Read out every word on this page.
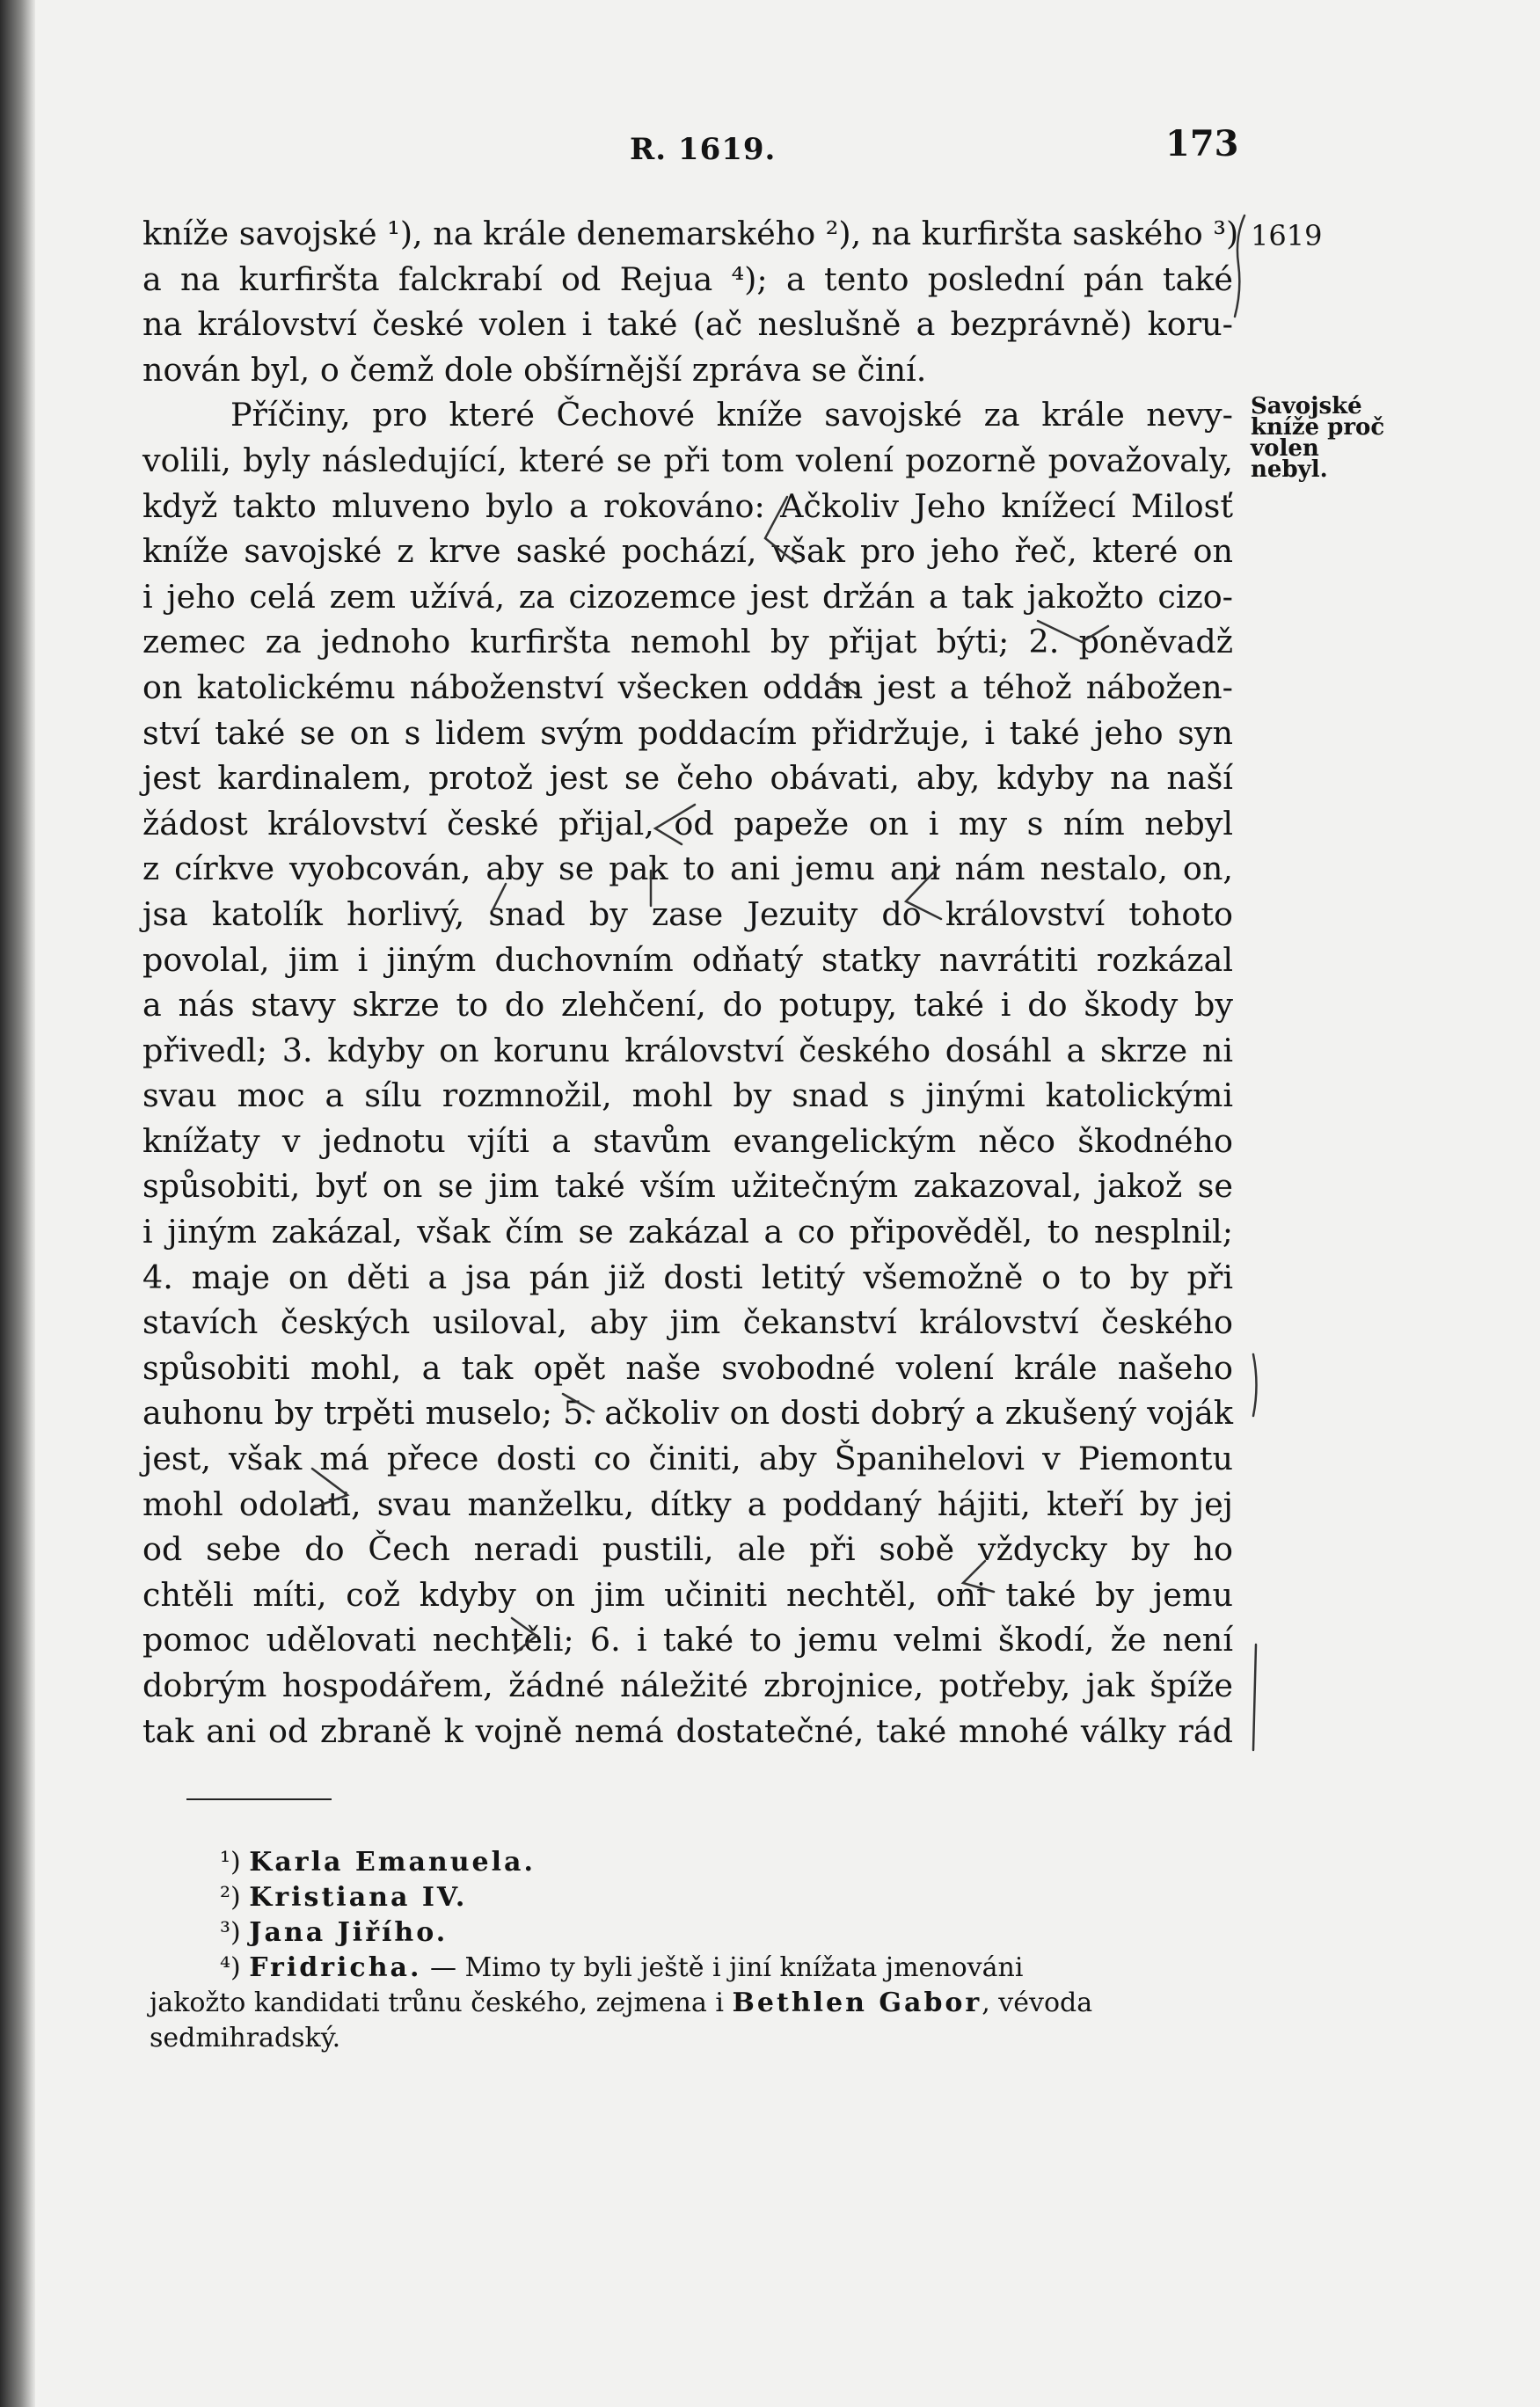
R. 1619.	173
1619
Savojské
kníže proč
volen nebyl.
kníže savojské ¹), na krále denemarského ²), na kurfiršta saského ³)
a na kurfiršta falckrabí od Rejua ⁴); a tento poslední pán také
na království české volen i také (ač neslušně a bezprávně) koru-
nován byl, o čemž dole obšírnější zpráva se činí.
Příčiny, pro které Čechové kníže savojské za krále nevy-
volili, byly následující, které se při tom volení pozorně považovaly,
když takto mluveno bylo a rokováno: Ačkoliv Jeho knížecí Milosť
kníže savojské z krve saské pochází, však pro jeho řeč, které on
i jeho celá zem užívá, za cizozemce jest držán a tak jakožto cizo-
zemec za jednoho kurfiršta nemohl by přijat býti; 2. poněvadž
on katolickému náboženství všecken oddán jest a téhož nábožen-
ství také se on s lidem svým poddacím přidržuje, i také jeho syn
jest kardinalem, protož jest se čeho obávati, aby, kdyby na naší
žádost království české přijal, od papeže on i my s ním nebyl
z církve vyobcován, aby se pak to ani jemu ani nám nestalo, on,
jsa katolík horlivý, snad by zase Jezuity do království tohoto
povolal, jim i jiným duchovním odňatý statky navrátiti rozkázal
a nás stavy skrze to do zlehčení, do potupy, také i do škody by
přivedl; 3. kdyby on korunu království českého dosáhl a skrze ni
svau moc a sílu rozmnožil, mohl by snad s jinými katolickými
knížaty v jednotu vjíti a stavům evangelickým něco škodného
spůsobiti, byť on se jim také vším užitečným zakazoval, jakož se
i jiným zakázal, však čím se zakázal a co připověděl, to nesplnil;
4. maje on děti a jsa pán již dosti letitý všemožně o to by při
stavích českých usiloval, aby jim čekanství království českého
spůsobiti mohl, a tak opět naše svobodné volení krále našeho
auhonu by trpěti muselo; 5. ačkoliv on dosti dobrý a zkušený voják
jest, však má přece dosti co činiti, aby Španihelovi v Piemontu
mohl odolati, svau manželku, dítky a poddaný hájiti, kteří by jej
od sebe do Čech neradi pustili, ale při sobě vždycky by ho
chtěli míti, což kdyby on jim učiniti nechtěl, oni také by jemu
pomoc udělovati nechtěli; 6. i také to jemu velmi škodí, že není
dobrým hospodářem, žádné náležité zbrojnice, potřeby, jak špíže
tak ani od zbraně k vojně nemá dostatečné, také mnohé války rád
¹) Karla Emanuela.
²) Kristiana IV.
³) Jana Jiřího.
⁴) Fridricha. — Mimo ty byli ještě i jiní knížata jmenováni
jakožto kandidati trůnu českého, zejmena i Bethlen Gabor, vévoda
sedmihradský.
